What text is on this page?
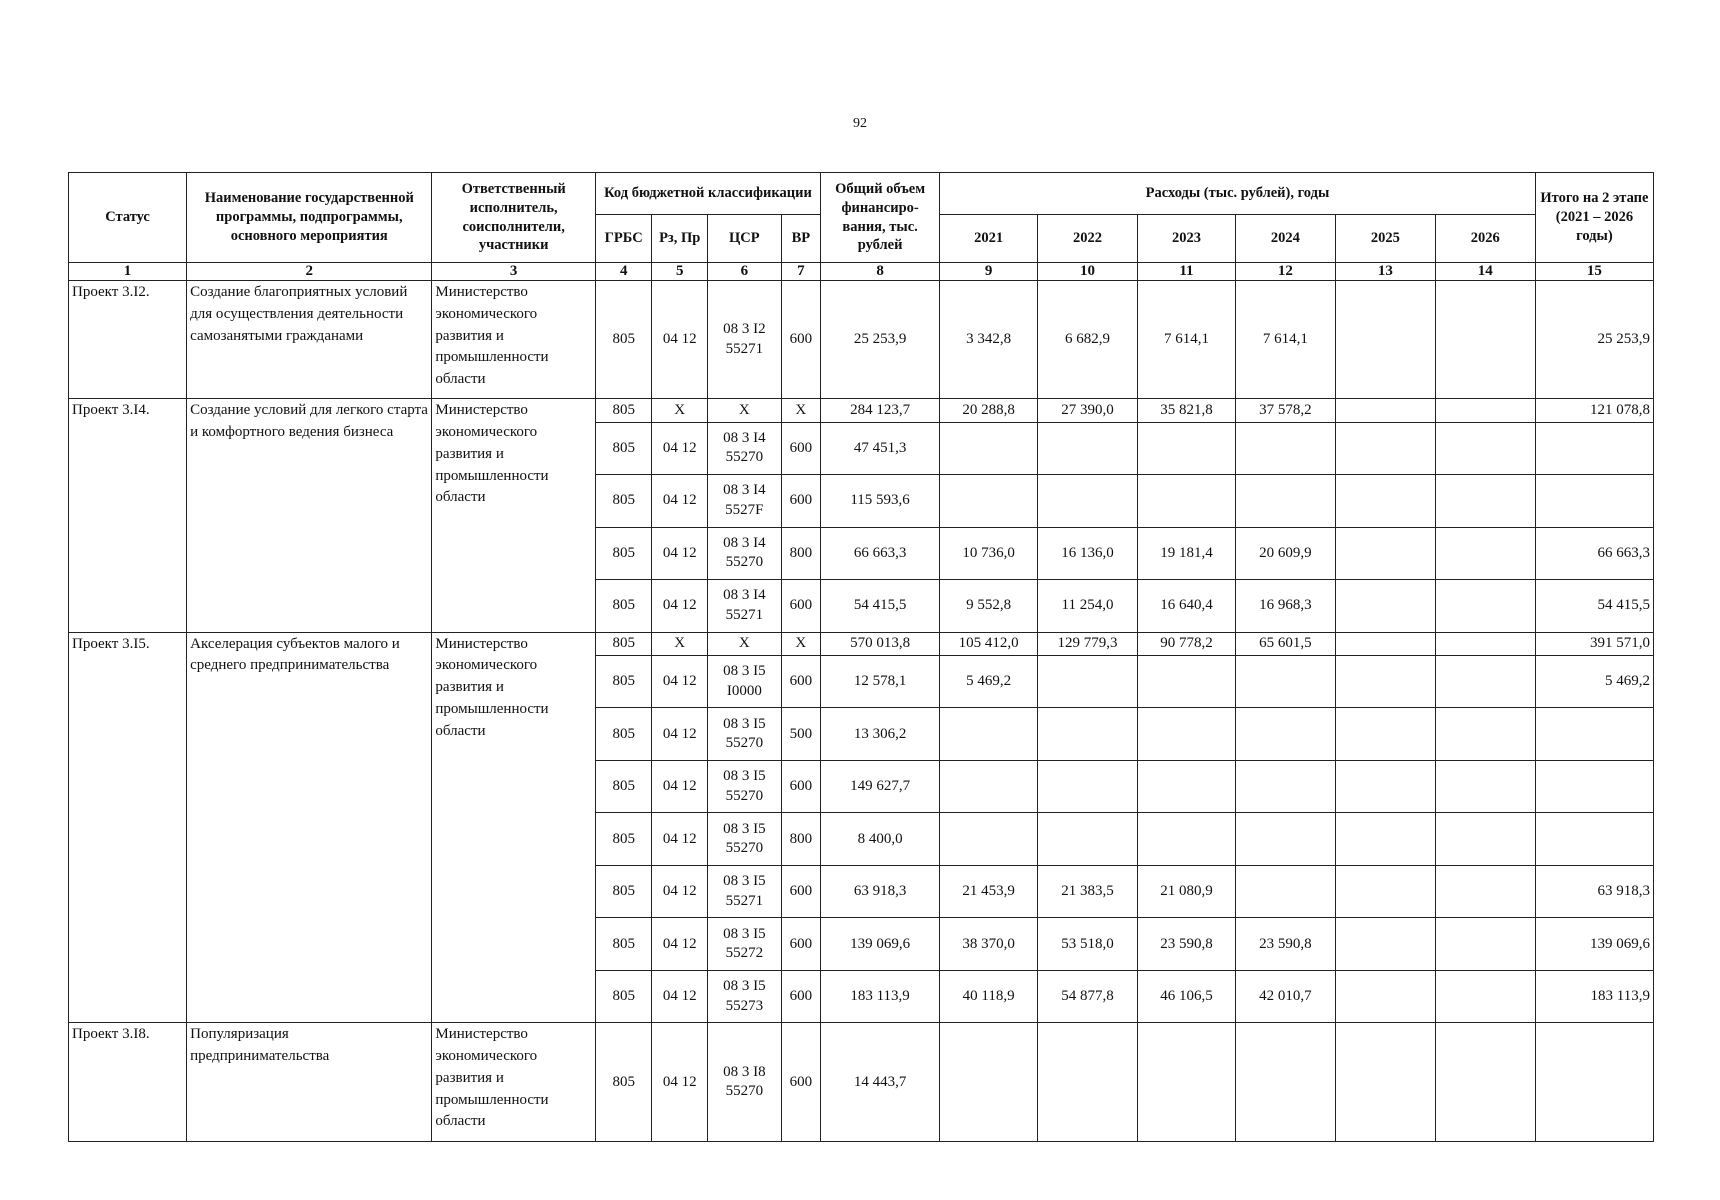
92
Статус	Наименование государственной программы, подпрограммы, основного мероприятия	Ответственный исполнитель, соисполнители, участники	Код бюджетной классификации				Общий объем финансиро-вания, тыс. рублей	Расходы (тыс. рублей), годы						Итого на 2 этапе (2021 – 2026 годы)
			ГРБС	Рз, Пр	ЦСР	ВР		2021	2022	2023	2024	2025	2026	
1	2	3	4	5	6	7	8	9	10	11	12	13	14	15
Проект 3.I2.	Создание благоприятных условий для осуществления деятельности самозанятыми гражданами	Министерство экономического развития и промышленности области	805	04 12	08 3 I2 55271	600	25 253,9	3 342,8	6 682,9	7 614,1	7 614,1			25 253,9
Проект 3.I4.	Создание условий для легкого старта и комфортного ведения бизнеса	Министерство экономического развития и промышленности области	805	X	X	X	284 123,7	20 288,8	27 390,0	35 821,8	37 578,2			121 078,8
			805	04 12	08 3 I4 55270	600	47 451,3							
			805	04 12	08 3 I4 5527F	600	115 593,6							
			805	04 12	08 3 I4 55270	800	66 663,3	10 736,0	16 136,0	19 181,4	20 609,9			66 663,3
			805	04 12	08 3 I4 55271	600	54 415,5	9 552,8	11 254,0	16 640,4	16 968,3			54 415,5
Проект 3.I5.	Акселерация субъектов малого и среднего предпринимательства	Министерство экономического развития и промышленности области	805	X	X	X	570 013,8	105 412,0	129 779,3	90 778,2	65 601,5			391 571,0
			805	04 12	08 3 I5 I0000	600	12 578,1	5 469,2						5 469,2
			805	04 12	08 3 I5 55270	500	13 306,2							
			805	04 12	08 3 I5 55270	600	149 627,7							
			805	04 12	08 3 I5 55270	800	8 400,0							
			805	04 12	08 3 I5 55271	600	63 918,3	21 453,9	21 383,5	21 080,9				63 918,3
			805	04 12	08 3 I5 55272	600	139 069,6	38 370,0	53 518,0	23 590,8	23 590,8			139 069,6
			805	04 12	08 3 I5 55273	600	183 113,9	40 118,9	54 877,8	46 106,5	42 010,7			183 113,9
Проект 3.I8.	Популяризация предпринимательства	Министерство экономического развития и промышленности области	805	04 12	08 3 I8 55270	600	14 443,7							
